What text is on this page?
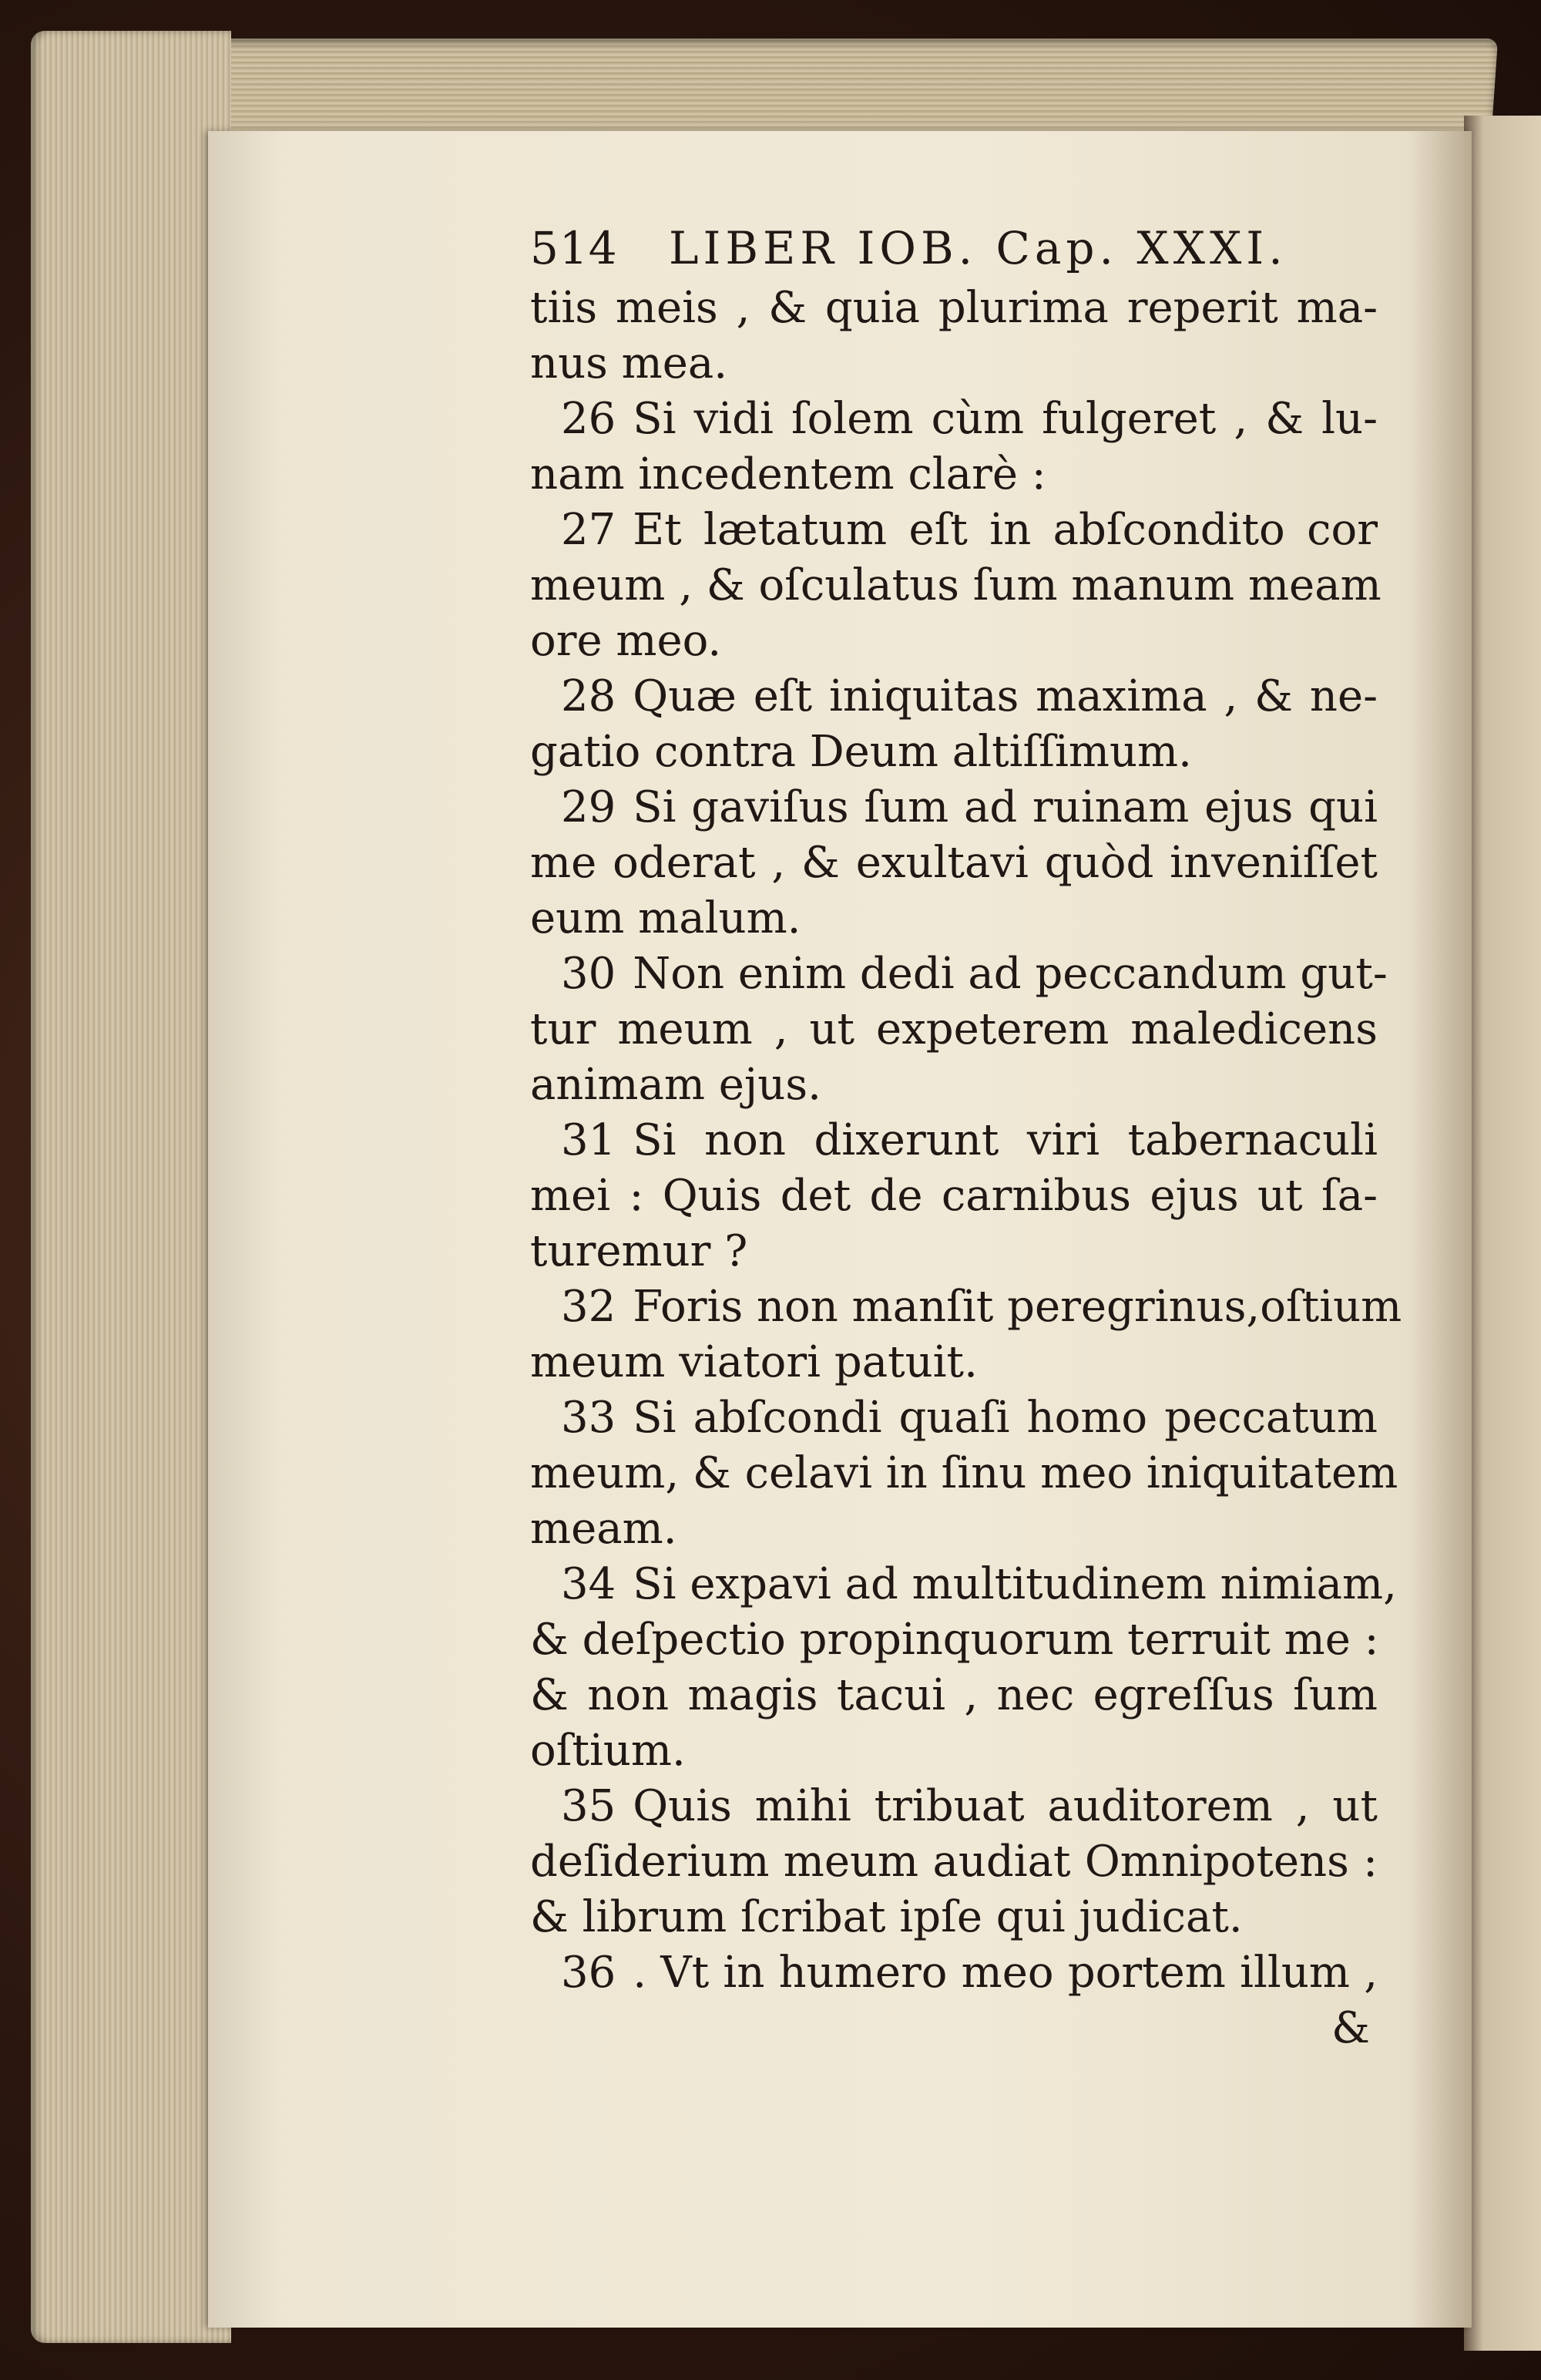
514	LIBER IOB. Cap. XXXI.
tiis meis , & quia plurima reperit ma-
nus mea.
26 Si vidi ſolem cùm fulgeret , & lu-
nam incedentem clarè :
27 Et lætatum eſt in abſcondito cor
meum , & oſculatus ſum manum meam
ore meo.
28 Quæ eſt iniquitas maxima , & ne-
gatio contra Deum altiſſimum.
29 Si gaviſus ſum ad ruinam ejus qui
me oderat , & exultavi quòd inveniſſet
eum malum.
30 Non enim dedi ad peccandum gut-
tur meum , ut expeterem maledicens
animam ejus.
31 Si non dixerunt viri tabernaculi
mei : Quis det de carnibus ejus ut ſa-
turemur ?
32 Foris non manſit peregrinus,oſtium
meum viatori patuit.
33 Si abſcondi quaſi homo peccatum
meum, & celavi in ſinu meo iniquitatem
meam.
34 Si expavi ad multitudinem nimiam,
& deſpectio propinquorum terruit me :
& non magis tacui , nec egreſſus ſum
oſtium.
35 Quis mihi tribuat auditorem , ut
deſiderium meum audiat Omnipotens :
& librum ſcribat ipſe qui judicat.
36 . Vt in humero meo portem illum ,
&
